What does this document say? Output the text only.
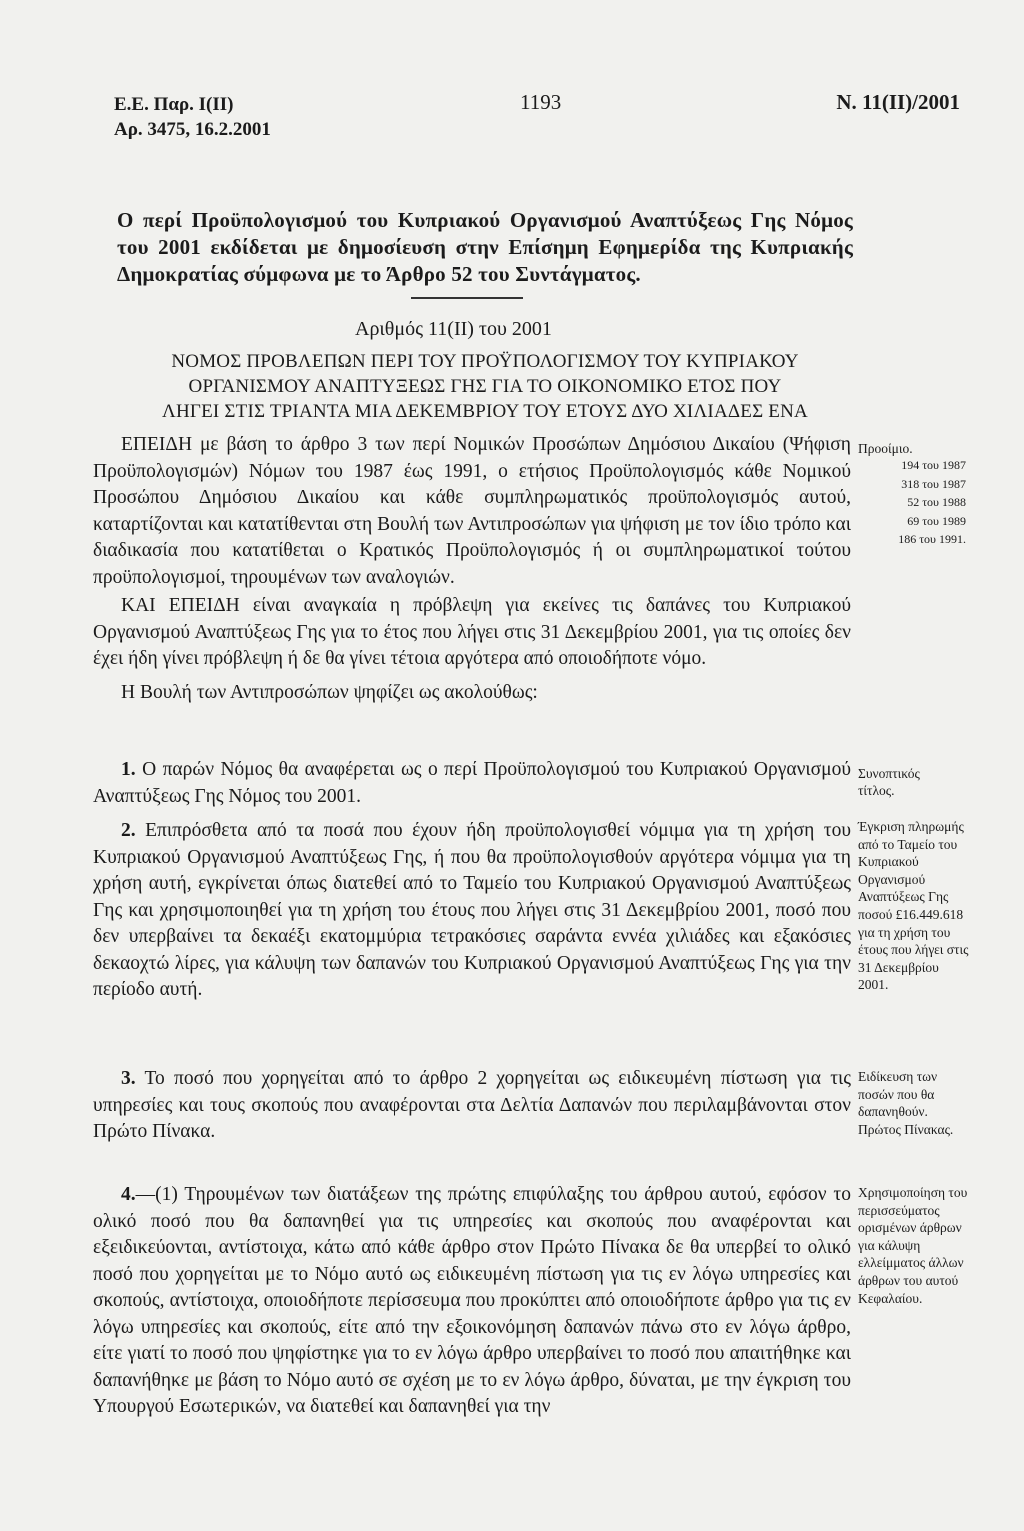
Ε.Ε. Παρ. Ι(ΙΙ)
Αρ. 3475, 16.2.2001
1193	Ν. 11(ΙΙ)/2001
Ο περί Προϋπολογισμού του Κυπριακού Οργανισμού Αναπτύξεως Γης Νόμος του 2001 εκδίδεται με δημοσίευση στην Επίσημη Εφημερίδα της Κυπριακής Δημοκρατίας σύμφωνα με το Άρθρο 52 του Συντάγματος.
Αριθμός 11(ΙΙ) του 2001
ΝΟΜΟΣ ΠΡΟΒΛΕΠΩΝ ΠΕΡΙ ΤΟΥ ΠΡΟΫΠΟΛΟΓΙΣΜΟΥ ΤΟΥ ΚΥΠΡΙΑΚΟΥ
ΟΡΓΑΝΙΣΜΟΥ ΑΝΑΠΤΥΞΕΩΣ ΓΗΣ ΓΙΑ ΤΟ ΟΙΚΟΝΟΜΙΚΟ ΕΤΟΣ ΠΟΥ
ΛΗΓΕΙ ΣΤΙΣ ΤΡΙΑΝΤΑ ΜΙΑ ΔΕΚΕΜΒΡΙΟΥ ΤΟΥ ΕΤΟΥΣ ΔΥΟ ΧΙΛΙΑΔΕΣ ΕΝΑ

ΕΠΕΙΔΗ με βάση το άρθρο 3 των περί Νομικών Προσώπων Δημόσιου Δικαίου (Ψήφιση Προϋπολογισμών) Νόμων του 1987 έως 1991, ο ετήσιος Προϋπολογισμός κάθε Νομικού Προσώπου Δημόσιου Δικαίου και κάθε συμπληρωματικός προϋπολογισμός αυτού, καταρτίζονται και κατατίθενται στη Βουλή των Αντιπροσώπων για ψήφιση με τον ίδιο τρόπο και διαδικασία που κατατίθεται ο Κρατικός Προϋπολογισμός ή οι συμπληρωματικοί τούτου προϋπολογισμοί, τηρουμένων των αναλογιών.

ΚΑΙ ΕΠΕΙΔΗ είναι αναγκαία η πρόβλεψη για εκείνες τις δαπάνες του Κυπριακού Οργανισμού Αναπτύξεως Γης για το έτος που λήγει στις 31 Δεκεμβρίου 2001, για τις οποίες δεν έχει ήδη γίνει πρόβλεψη ή δε θα γίνει τέτοια αργότερα από οποιοδήποτε νόμο.

Η Βουλή των Αντιπροσώπων ψηφίζει ως ακολούθως:

1. Ο παρών Νόμος θα αναφέρεται ως ο περί Προϋπολογισμού του Κυπριακού Οργανισμού Αναπτύξεως Γης Νόμος του 2001.

2. Επιπρόσθετα από τα ποσά που έχουν ήδη προϋπολογισθεί νόμιμα για τη χρήση του Κυπριακού Οργανισμού Αναπτύξεως Γης, ή που θα προϋπολογισθούν αργότερα νόμιμα για τη χρήση αυτή, εγκρίνεται όπως διατεθεί από το Ταμείο του Κυπριακού Οργανισμού Αναπτύξεως Γης και χρησιμοποιηθεί για τη χρήση του έτους που λήγει στις 31 Δεκεμβρίου 2001, ποσό που δεν υπερβαίνει τα δεκαέξι εκατομμύρια τετρακόσιες σαράντα εννέα χιλιάδες και εξακόσιες δεκαοχτώ λίρες, για κάλυψη των δαπανών του Κυπριακού Οργανισμού Αναπτύξεως Γης για την περίοδο αυτή.

3. Το ποσό που χορηγείται από το άρθρο 2 χορηγείται ως ειδικευμένη πίστωση για τις υπηρεσίες και τους σκοπούς που αναφέρονται στα Δελτία Δαπανών που περιλαμβάνονται στον Πρώτο Πίνακα.

4.—(1) Τηρουμένων των διατάξεων της πρώτης επιφύλαξης του άρθρου αυτού, εφόσον το ολικό ποσό που θα δαπανηθεί για τις υπηρεσίες και σκοπούς που αναφέρονται και εξειδικεύονται, αντίστοιχα, κάτω από κάθε άρθρο στον Πρώτο Πίνακα δε θα υπερβεί το ολικό ποσό που χορηγείται με το Νόμο αυτό ως ειδικευμένη πίστωση για τις εν λόγω υπηρεσίες και σκοπούς, αντίστοιχα, οποιοδήποτε περίσσευμα που προκύπτει από οποιοδήποτε άρθρο για τις εν λόγω υπηρεσίες και σκοπούς, είτε από την εξοικονόμηση δαπανών πάνω στο εν λόγω άρθρο, είτε γιατί το ποσό που ψηφίστηκε για το εν λόγω άρθρο υπερβαίνει το ποσό που απαιτήθηκε και δαπανήθηκε με βάση το Νόμο αυτό σε σχέση με το εν λόγω άρθρο, δύναται, με την έγκριση του Υπουργού Εσωτερικών, να διατεθεί και δαπανηθεί για την

Προοίμιο.
194 του 1987
318 του 1987
52 του 1988
69 του 1989
186 του 1991.
Συνοπτικός τίτλος.
Έγκριση πληρωμής από το Ταμείο του Κυπριακού Οργανισμού Αναπτύξεως Γης ποσού £16.449.618 για τη χρήση του έτους που λήγει στις 31 Δεκεμβρίου 2001.
Ειδίκευση των ποσών που θα δαπανηθούν. Πρώτος Πίνακας.
Χρησιμοποίηση του περισσεύματος ορισμένων άρθρων για κάλυψη ελλείμματος άλλων άρθρων του αυτού Κεφαλαίου.
